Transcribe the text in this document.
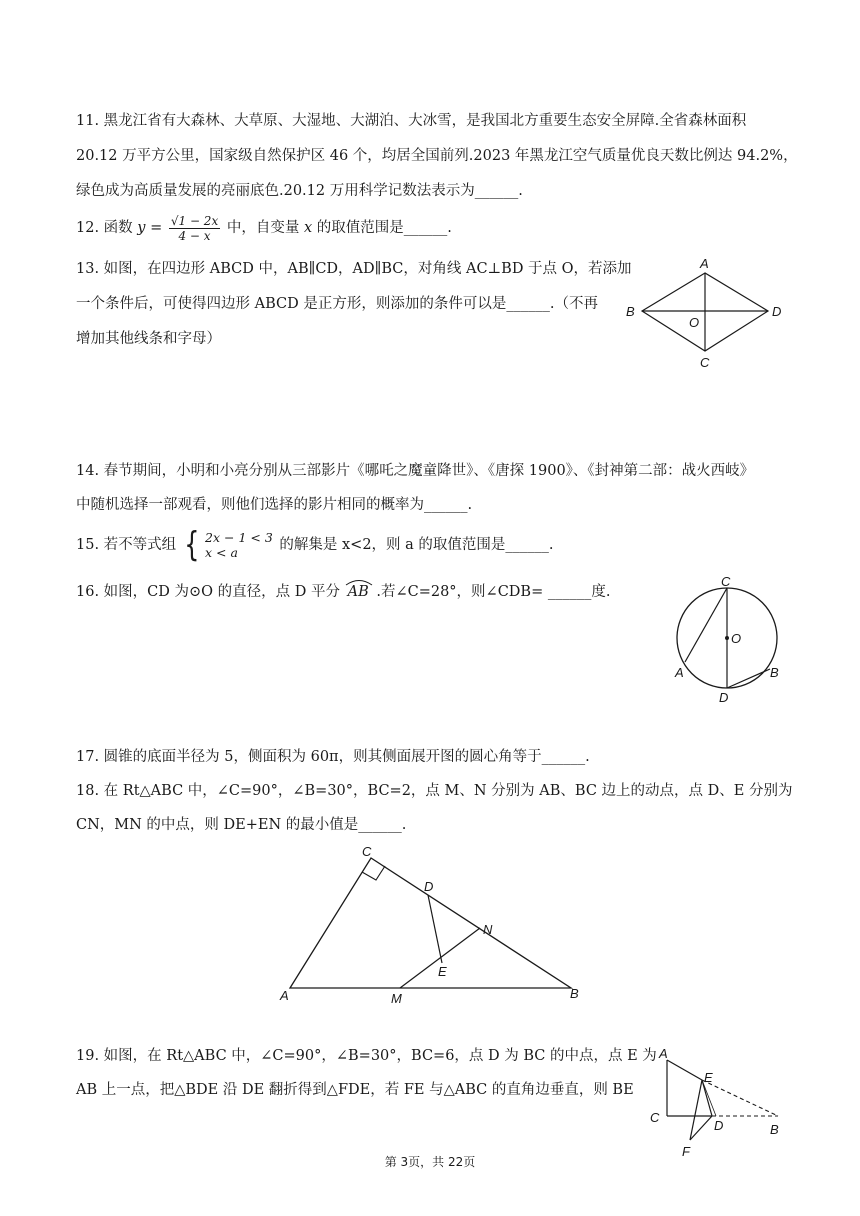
11. 黑龙江省有大森林、大草原、大湿地、大湖泊、大冰雪，是我国北方重要生态安全屏障.全省森林面积
20.12 万平方公里，国家级自然保护区 46 个，均居全国前列.2023 年黑龙江空气质量优良天数比例达 94.2%，
绿色成为高质量发展的亮丽底色.20.12 万用科学记数法表示为______.
12. 函数 $y = \frac{√1 - 2x}{4 - x}$ 中，自变量 x 的取值范围是______.
13. 如图，在四边形 ABCD 中，AB∥CD，AD∥BC，对角线 AC⊥BD 于点 O，若添加
一个条件后，可使得四边形 ABCD 是正方形，则添加的条件可以是______.（不再
增加其他线条和字母）
A
B
C
D
O
14. 春节期间，小明和小亮分别从三部影片《哪吒之魔童降世》、《唐探 1900》、《封神第二部：战火西岐》
中随机选择一部观看，则他们选择的影片相同的概率为______.
15. 若不等式组 { 2x − 1 < 3
x < a	的解集是 x<2，则 a 的取值范围是______.
16. 如图，CD 为⊙O 的直径，点 D 平分 AB .若∠C=28°，则∠CDB= ______度.
C
O
A	B
D
17. 圆锥的底面半径为 5，侧面积为 60π，则其侧面展开图的圆心角等于______.
18. 在 Rt△ABC 中，∠C=90°，∠B=30°，BC=2，点 M、N 分别为 AB、BC 边上的动点，点 D、E 分别为
CN，MN 的中点，则 DE+EN 的最小值是______.
C
D
N
E
A	M	B
19. 如图，在 Rt△ABC 中，∠C=90°，∠B=30°，BC=6，点 D 为 BC 的中点，点 E 为
AB 上一点，把△BDE 沿 DE 翻折得到△FDE，若 FE 与△ABC 的直角边垂直，则 BE
A
E
C
D	B
F
第 3页，共 22页
